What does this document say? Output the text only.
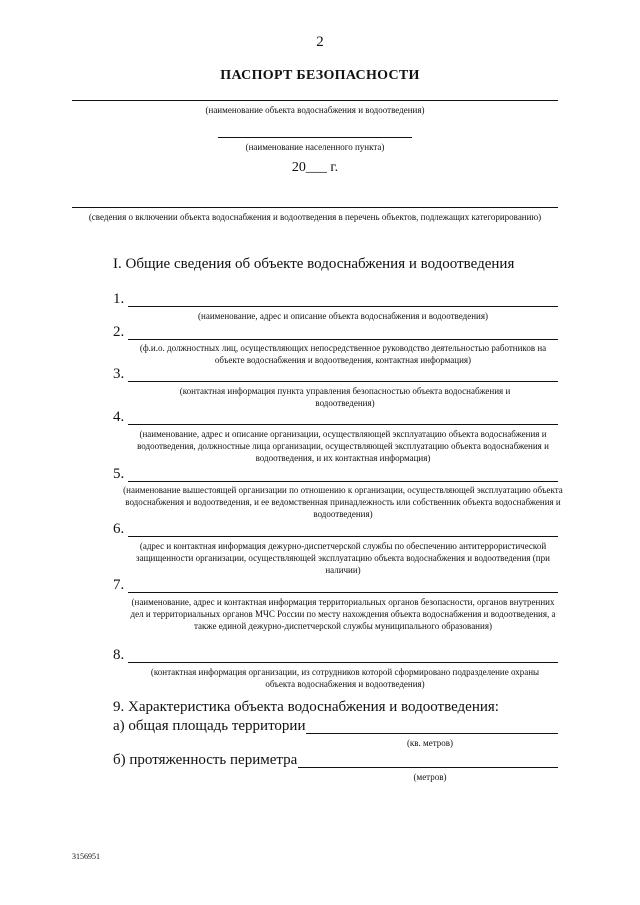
2
ПАСПОРТ БЕЗОПАСНОСТИ
(наименование объекта водоснабжения и водоотведения)
(наименование населенного пункта)
20___ г.
(сведения о включении объекта водоснабжения и водоотведения в перечень объектов, подлежащих категорированию)
I. Общие сведения об объекте водоснабжения и водоотведения
1.
(наименование, адрес и описание объекта водоснабжения и водоотведения)
2.
(ф.и.о. должностных лиц, осуществляющих непосредственное руководство деятельностью работников на объекте водоснабжения и водоотведения, контактная информация)
3.
(контактная информация пункта управления безопасностью объекта водоснабжения и водоотведения)
4.
(наименование, адрес и описание организации, осуществляющей эксплуатацию объекта водоснабжения и водоотведения, должностные лица организации, осуществляющей эксплуатацию объекта водоснабжения и водоотведения, и их контактная информация)
5.
(наименование вышестоящей организации по отношению к организации, осуществляющей эксплуатацию объекта водоснабжения и водоотведения, и ее ведомственная принадлежность или собственник объекта водоснабжения и водоотведения)
6.
(адрес и контактная информация дежурно-диспетчерской службы по обеспечению антитеррористической защищенности организации, осуществляющей эксплуатацию объекта водоснабжения и водоотведения (при наличии)
7.
(наименование, адрес и контактная информация территориальных органов безопасности, органов внутренних дел и территориальных органов МЧС России по месту нахождения объекта водоснабжения и водоотведения, а также единой дежурно-диспетчерской службы муниципального образования)
8.
(контактная информация организации, из сотрудников которой сформировано подразделение охраны объекта водоснабжения и водоотведения)
9. Характеристика объекта водоснабжения и водоотведения:
а) общая площадь территории
(кв. метров)
б) протяженность периметра
(метров)
3156951
